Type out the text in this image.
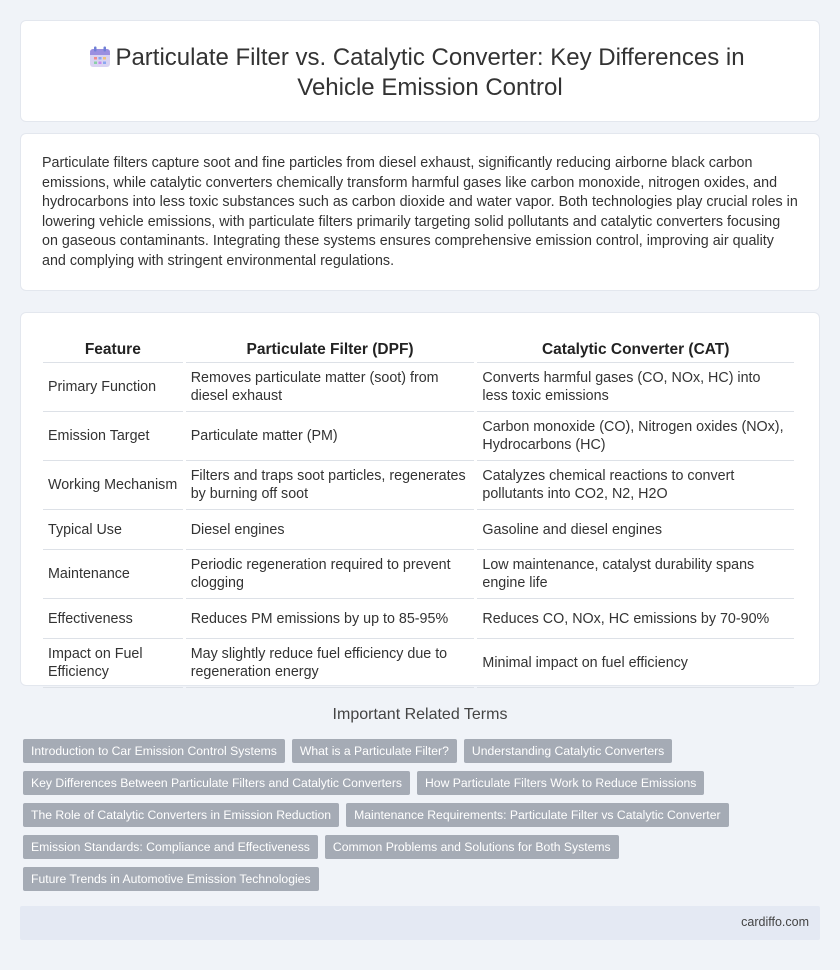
Particulate Filter vs. Catalytic Converter: Key Differences in Vehicle Emission Control

Particulate filters capture soot and fine particles from diesel exhaust, significantly reducing airborne black carbon emissions, while catalytic converters chemically transform harmful gases like carbon monoxide, nitrogen oxides, and hydrocarbons into less toxic substances such as carbon dioxide and water vapor. Both technologies play crucial roles in lowering vehicle emissions, with particulate filters primarily targeting solid pollutants and catalytic converters focusing on gaseous contaminants. Integrating these systems ensures comprehensive emission control, improving air quality and complying with stringent environmental regulations.

Feature	Particulate Filter (DPF)	Catalytic Converter (CAT)
Primary Function	Removes particulate matter (soot) from diesel exhaust	Converts harmful gases (CO, NOx, HC) into less toxic emissions
Emission Target	Particulate matter (PM)	Carbon monoxide (CO), Nitrogen oxides (NOx), Hydrocarbons (HC)
Working Mechanism	Filters and traps soot particles, regenerates by burning off soot	Catalyzes chemical reactions to convert pollutants into CO2, N2, H2O
Typical Use	Diesel engines	Gasoline and diesel engines
Maintenance	Periodic regeneration required to prevent clogging	Low maintenance, catalyst durability spans engine life
Effectiveness	Reduces PM emissions by up to 85-95%	Reduces CO, NOx, HC emissions by 70-90%
Impact on Fuel Efficiency	May slightly reduce fuel efficiency due to regeneration energy	Minimal impact on fuel efficiency
Important Related Terms
Introduction to Car Emission Control Systems	What is a Particulate Filter?	Understanding Catalytic Converters
Key Differences Between Particulate Filters and Catalytic Converters	How Particulate Filters Work to Reduce Emissions
The Role of Catalytic Converters in Emission Reduction	Maintenance Requirements: Particulate Filter vs Catalytic Converter
Emission Standards: Compliance and Effectiveness	Common Problems and Solutions for Both Systems
Future Trends in Automotive Emission Technologies
cardiffo.com
